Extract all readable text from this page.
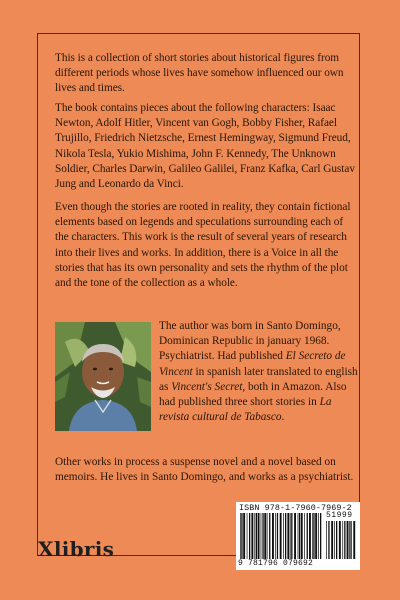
This is a collection of short stories about historical figures from different periods whose lives have somehow influenced our own lives and times.

The book contains pieces about the following characters: Isaac Newton, Adolf Hitler, Vincent van Gogh, Bobby Fisher, Rafael Trujillo, Friedrich Nietzsche, Ernest Hemingway, Sigmund Freud, Nikola Tesla, Yukio Mishima, John F. Kennedy, The Unknown Soldier, Charles Darwin, Galileo Galilei, Franz Kafka, Carl Gustav Jung and Leonardo da Vinci.

Even though the stories are rooted in reality, they contain fictional elements based on legends and speculations surrounding each of the characters. This work is the result of several years of research into their lives and works. In addition, there is a Voice in all the stories that has its own personality and sets the rhythm of the plot and the tone of the collection as a whole.

The author was born in Santo Domingo, Dominican Republic in january 1968. Psychiatrist. Had published El Secreto de Vincent in spanish later translated to english as Vincent's Secret, both in Amazon. Also had published three short stories in La revista cultural de Tabasco.

Other works in process a suspense novel and a novel based on memoirs. He lives in Santo Domingo, and works as a psychiatrist.

Xlibris
ISBN 978-1-7960-7969-2
51999
9 781796 079692
